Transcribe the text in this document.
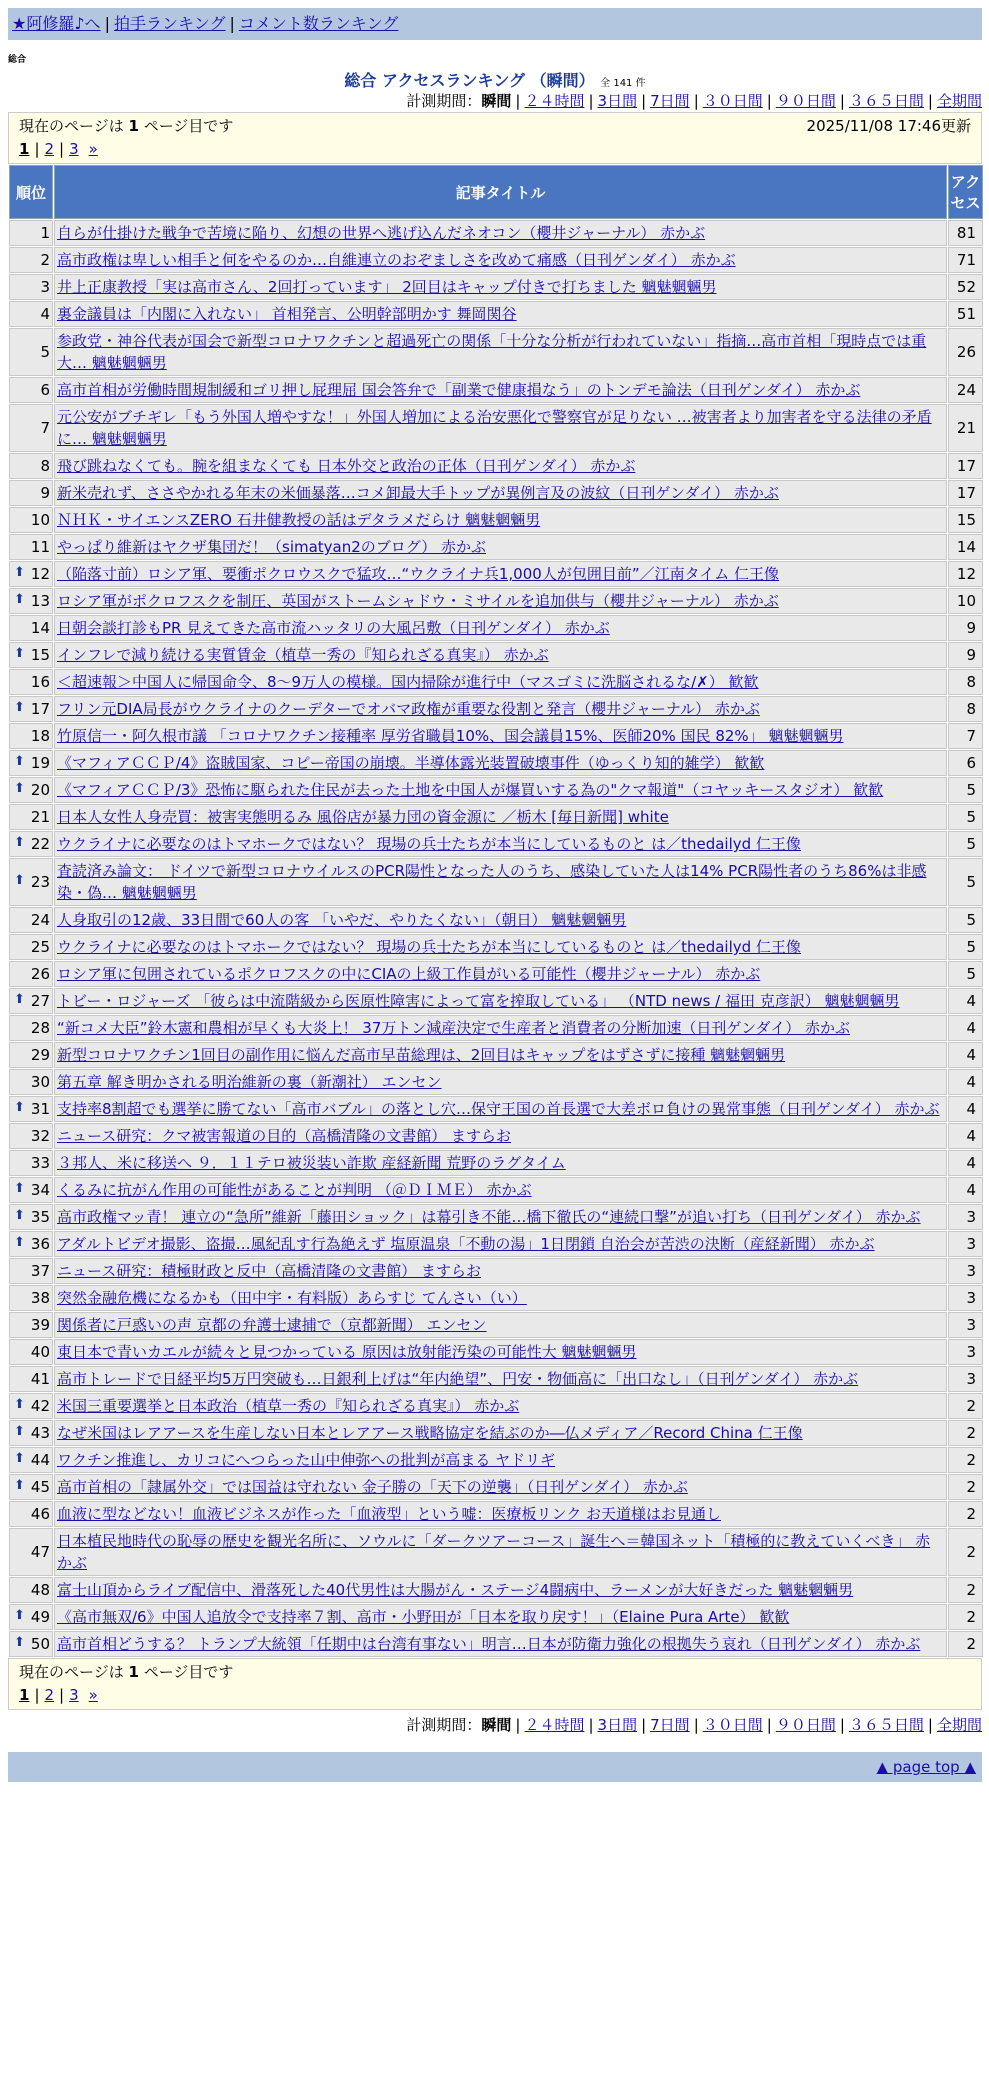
★阿修羅♪へ | 拍手ランキング | コメント数ランキング
総合
総合 アクセスランキング （瞬間） 全 141 件
計測期間：瞬間 | ２４時間 | 3日間 | 7日間 | ３０日間 | ９０日間 | ３６５日間 | 全期間
現在のページは 1 ページ目です	2025/11/08 17:46更新
1 | 2 | 3 »
順位	記事タイトル	アクセス
1	自らが仕掛けた戦争で苦境に陥り、幻想の世界へ逃げ込んだネオコン（櫻井ジャーナル） 赤かぶ	81
2	高市政権は卑しい相手と何をやるのか…自維連立のおぞましさを改めて痛感（日刊ゲンダイ） 赤かぶ	71
3	井上正康教授「実は高市さん、2回打っています」 2回目はキャップ付きで打ちました 魑魅魍魎男	52
4	裏金議員は「内閣に入れない」 首相発言、公明幹部明かす 舞岡関谷	51
5	参政党・神谷代表が国会で新型コロナワクチンと超過死亡の関係「十分な分析が行われていない」指摘…高市首相「現時点では重大… 魑魅魍魎男	26
6	高市首相が労働時間規制緩和ゴリ押し屁理屈 国会答弁で「副業で健康損なう」のトンデモ論法（日刊ゲンダイ） 赤かぶ	24
7	元公安がブチギレ「もう外国人増やすな！」外国人増加による治安悪化で警察官が足りない …被害者より加害者を守る法律の矛盾に… 魑魅魍魎男	21
8	飛び跳ねなくても。腕を組まなくても 日本外交と政治の正体（日刊ゲンダイ） 赤かぶ	17
9	新米売れず、ささやかれる年末の米価暴落…コメ卸最大手トップが異例言及の波紋（日刊ゲンダイ） 赤かぶ	17
10	ＮＨＫ・サイエンスZERO 石井健教授の話はデタラメだらけ 魑魅魍魎男	15
11	やっぱり維新はヤクザ集団だ！（simatyan2のブログ） 赤かぶ	14

⬆ 12	（陥落寸前）ロシア軍、要衝ポクロウスクで猛攻…“ウクライナ兵1,000人が包囲目前”／江南タイム 仁王像	12

⬆ 13	ロシア軍がポクロフスクを制圧、英国がストームシャドウ・ミサイルを追加供与（櫻井ジャーナル） 赤かぶ	10
14	日朝会談打診もPR 見えてきた高市流ハッタリの大風呂敷（日刊ゲンダイ） 赤かぶ	9

⬆ 15	インフレで減り続ける実質賃金（植草一秀の『知られざる真実』） 赤かぶ	9
16	＜超速報＞中国人に帰国命令、8～9万人の模様。国内掃除が進行中（マスゴミに洗脳されるな/✗） 歓歓	8

⬆ 17	フリン元DIA局長がウクライナのクーデターでオバマ政権が重要な役割と発言（櫻井ジャーナル） 赤かぶ	8
18	竹原信一・阿久根市議 「コロナワクチン接種率 厚労省職員10%、国会議員15%、医師20% 国民 82%」 魑魅魍魎男	7

⬆ 19	《マフィアＣＣＰ/4》盗賊国家、コピー帝国の崩壊。半導体露光装置破壊事件（ゆっくり知的雑学） 歓歓	6

⬆ 20	《マフィアＣＣＰ/3》恐怖に駆られた住民が去った土地を中国人が爆買いする為の"クマ報道"（コヤッキースタジオ） 歓歓	5
21	日本人女性人身売買：被害実態明るみ 風俗店が暴力団の資金源に ／栃木 [毎日新聞] white	5

⬆ 22	ウクライナに必要なのはトマホークではない？ 現場の兵士たちが本当にしているものと は／thedailyd 仁王像	5

⬆ 23	査読済み論文： ドイツで新型コロナウイルスのPCR陽性となった人のうち、感染していた人は14% PCR陽性者のうち86%は非感染・偽… 魑魅魍魎男	5
24	人身取引の12歳、33日間で60人の客 「いやだ、やりたくない」（朝日） 魑魅魍魎男	5
25	ウクライナに必要なのはトマホークではない？ 現場の兵士たちが本当にしているものと は／thedailyd 仁王像	5
26	ロシア軍に包囲されているポクロフスクの中にCIAの上級工作員がいる可能性（櫻井ジャーナル） 赤かぶ	5

⬆ 27	トビー・ロジャーズ 「彼らは中流階級から医原性障害によって富を搾取している」 （NTD news / 福田 克彦訳） 魑魅魍魎男	4
28	“新コメ大臣”鈴木憲和農相が早くも大炎上！ 37万トン減産決定で生産者と消費者の分断加速（日刊ゲンダイ） 赤かぶ	4
29	新型コロナワクチン1回目の副作用に悩んだ高市早苗総理は、2回目はキャップをはずさずに接種 魑魅魍魎男	4
30	第五章 解き明かされる明治維新の裏（新潮社） エンセン	4

⬆ 31	支持率8割超でも選挙に勝てない「高市バブル」の落とし穴…保守王国の首長選で大差ボロ負けの異常事態（日刊ゲンダイ） 赤かぶ	4
32	ニュース研究：クマ被害報道の目的（高橋清隆の文書館） ますらお	4
33	３邦人、米に移送へ ９．１１テロ被災装い詐欺 産経新聞 荒野のラグタイム	4

⬆ 34	くるみに抗がん作用の可能性があることが判明 （＠ＤＩＭＥ） 赤かぶ	4

⬆ 35	高市政権マッ青！ 連立の“急所”維新「藤田ショック」は幕引き不能…橋下徹氏の“連続口撃”が追い打ち（日刊ゲンダイ） 赤かぶ	3

⬆ 36	アダルトビデオ撮影、盗撮…風紀乱す行為絶えず 塩原温泉「不動の湯」1日閉鎖 自治会が苦渋の決断（産経新聞） 赤かぶ	3
37	ニュース研究：積極財政と反中（高橋清隆の文書館） ますらお	3
38	突然金融危機になるかも（田中宇・有料版）あらすじ てんさい（い）	3
39	関係者に戸惑いの声 京都の弁護士逮捕で（京都新聞） エンセン	3
40	東日本で青いカエルが続々と見つかっている 原因は放射能汚染の可能性大 魑魅魍魎男	3
41	高市トレードで日経平均5万円突破も…日銀利上げは“年内絶望”、円安・物価高に「出口なし」（日刊ゲンダイ） 赤かぶ	3

⬆ 42	米国三重要選挙と日本政治（植草一秀の『知られざる真実』） 赤かぶ	2

⬆ 43	なぜ米国はレアアースを生産しない日本とレアアース戦略協定を結ぶのか―仏メディア／Record China 仁王像	2

⬆ 44	ワクチン推進し、カリコにへつらった山中伸弥への批判が高まる ヤドリギ	2

⬆ 45	高市首相の「隷属外交」では国益は守れない 金子勝の「天下の逆襲」（日刊ゲンダイ） 赤かぶ	2
46	血液に型などない！血液ビジネスが作った「血液型」という嘘：医療板リンク お天道様はお見通し	2
47	日本植民地時代の恥辱の歴史を観光名所に、ソウルに「ダークツアーコース」誕生へ＝韓国ネット「積極的に教えていくべき」 赤かぶ	2
48	富士山頂からライブ配信中、滑落死した40代男性は大腸がん・ステージ4闘病中、ラーメンが大好きだった 魑魅魍魎男	2

⬆ 49	《高市無双/6》中国人追放令で支持率７割、高市・小野田が「日本を取り戻す！」（Elaine Pura Arte） 歓歓	2

⬆ 50	高市首相どうする？ トランプ大統領「任期中は台湾有事ない」明言…日本が防衛力強化の根拠失う哀れ（日刊ゲンダイ） 赤かぶ	2
現在のページは 1 ページ目です
1 | 2 | 3 »
計測期間：瞬間 | ２４時間 | 3日間 | 7日間 | ３０日間 | ９０日間 | ３６５日間 | 全期間
▲ page top ▲
